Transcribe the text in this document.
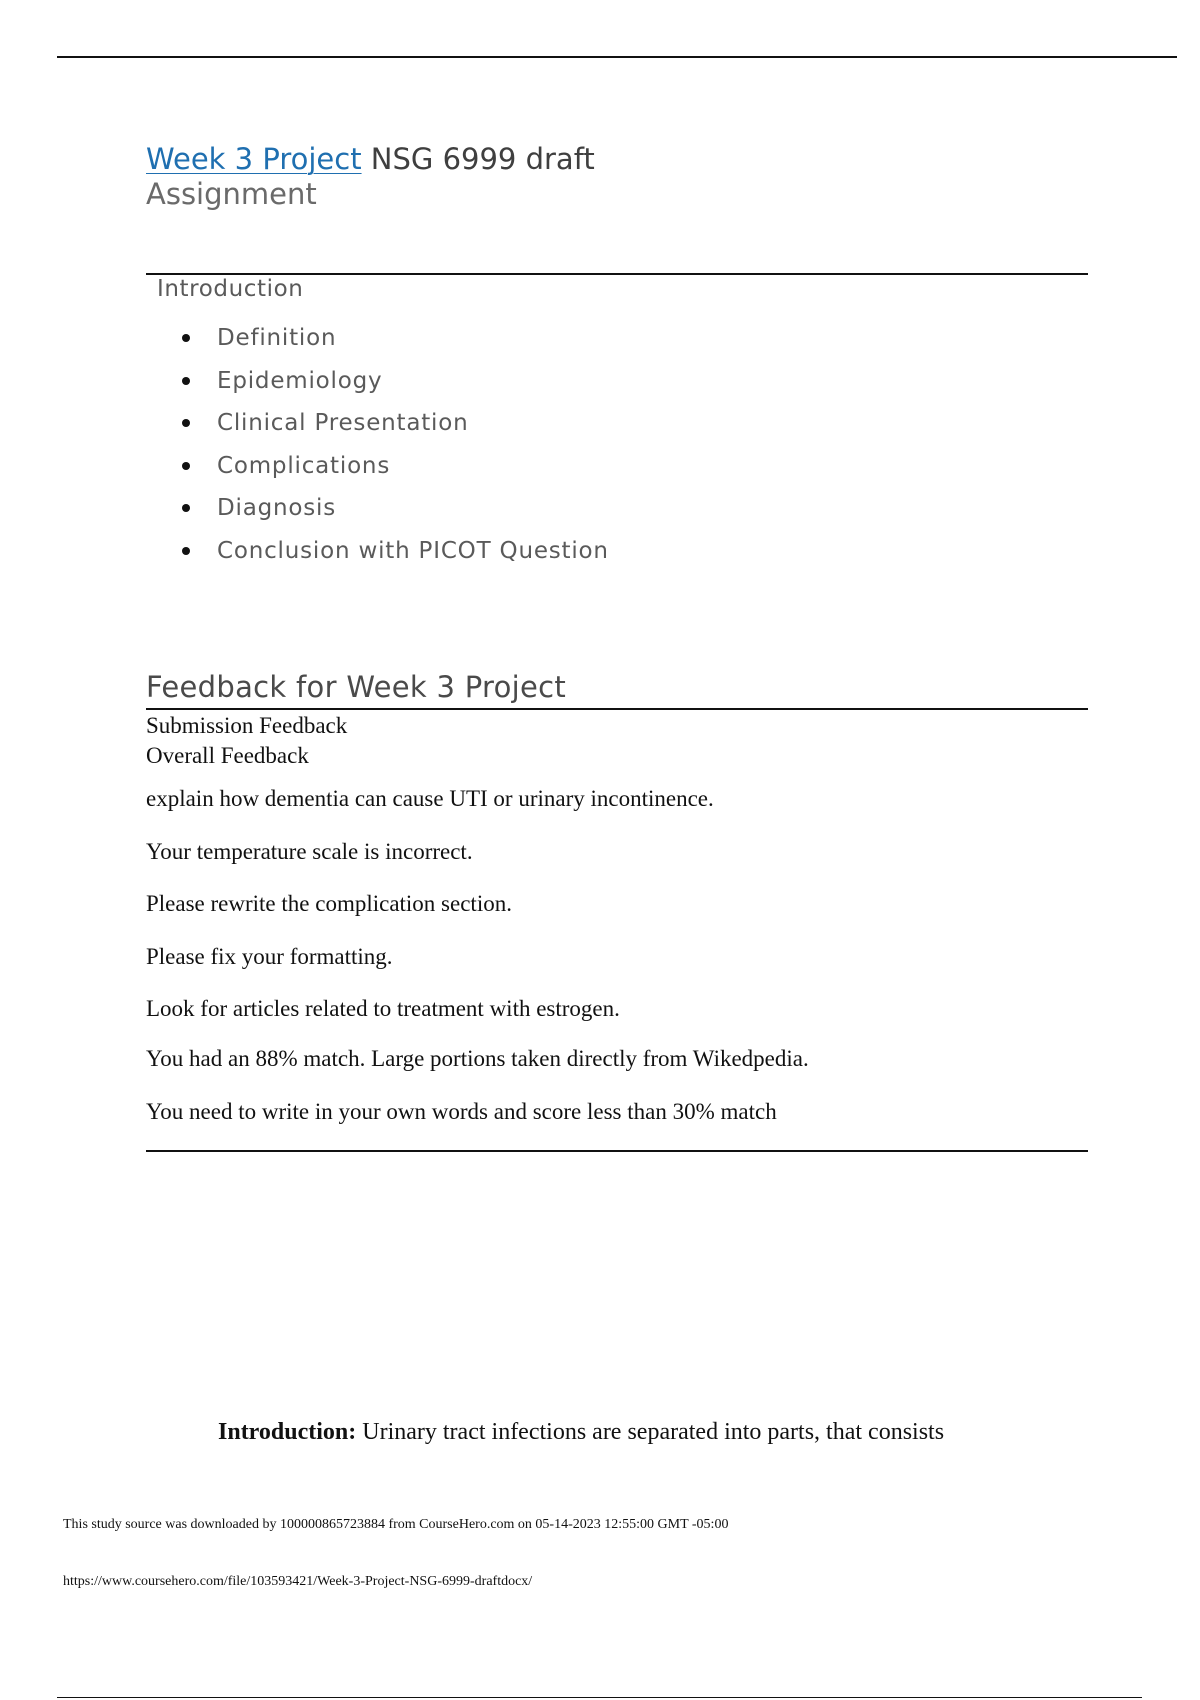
Week 3 Project NSG 6999 draft
Assignment
Introduction
Definition
Epidemiology
Clinical Presentation
Complications
Diagnosis
Conclusion with PICOT Question
Feedback for Week 3 Project
Submission Feedback
Overall Feedback
explain how dementia can cause UTI or urinary incontinence.
Your temperature scale is incorrect.
Please rewrite the complication section.
Please fix your formatting.
Look for articles related to treatment with estrogen.
You had an 88% match. Large portions taken directly from Wikedpedia.
You need to write in your own words and score less than 30% match
Introduction: Urinary tract infections are separated into parts, that consists
This study source was downloaded by 100000865723884 from CourseHero.com on 05-14-2023 12:55:00 GMT -05:00
https://www.coursehero.com/file/103593421/Week-3-Project-NSG-6999-draftdocx/
